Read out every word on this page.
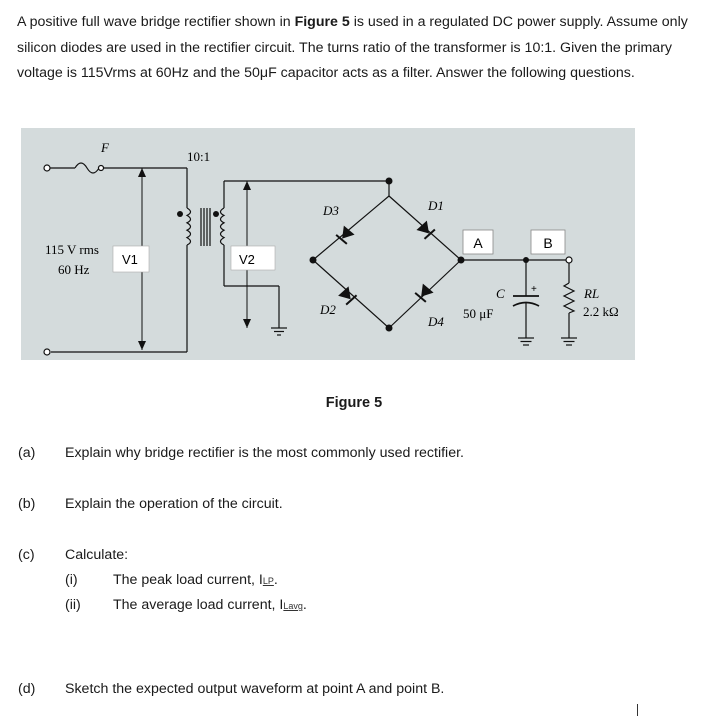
A positive full wave bridge rectifier shown in Figure 5 is used in a regulated DC power supply. Assume only silicon diodes are used in the rectifier circuit. The turns ratio of the transformer is 10:1. Given the primary voltage is 115Vrms at 60Hz and the 50μF capacitor acts as a filter. Answer the following questions.
F
10:1
115 V rms
60 Hz
V1	V2
D3	D1
D2
D4
A	B
C	+
50 μF
RL
2.2 kΩ
Figure 5
(a) Explain why bridge rectifier is the most commonly used rectifier.
(b) Explain the operation of the circuit.
(c) Calculate:
(i) The peak load current, ILP.
(ii) The average load current, ILavg.
(d) Sketch the expected output waveform at point A and point B.
